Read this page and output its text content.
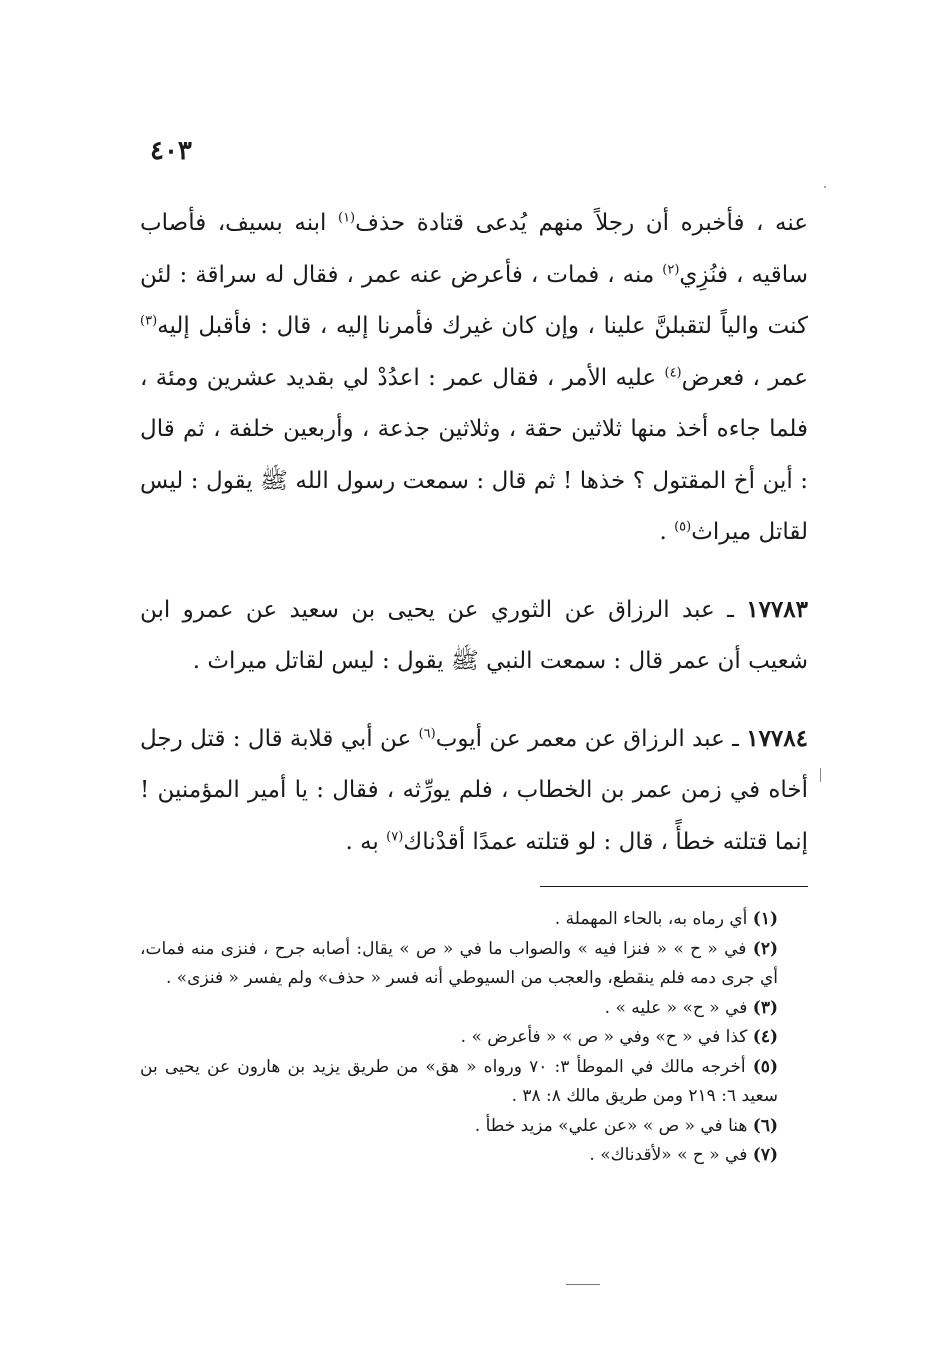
٤٠٣

عنه ، فأخبره أن رجلاً منهم يُدعى قتادة حذف$^{(١)}$ ابنه بسيف، فأصاب ساقيه ، فنُزِي$^{(٢)}$ منه ، فمات ، فأعرض عنه عمر ، فقال له سراقة : لئن كنت والياً لتقبلنَّ علينا ، وإن كان غيرك فأمرنا إليه ، قال : فأقبل إليه$^{(٣)}$ عمر ، فعرض$^{(٤)}$ عليه الأمر ، فقال عمر : اعدُدْ لي بقديد عشرين ومئة ، فلما جاءه أخذ منها ثلاثين حقة ، وثلاثين جذعة ، وأربعين خلفة ، ثم قال : أين أخ المقتول ؟ خذها ! ثم قال : سمعت رسول الله ﷺ يقول : ليس لقاتل ميراث$^{(٥)}$ .

١٧٧٨٣ ـ عبد الرزاق عن الثوري عن يحيى بن سعيد عن عمرو ابن شعيب أن عمر قال : سمعت النبي ﷺ يقول : ليس لقاتل ميراث .

١٧٧٨٤ ـ عبد الرزاق عن معمر عن أيوب$^{(٦)}$ عن أبي قلابة قال : قتل رجل أخاه في زمن عمر بن الخطاب ، فلم يورِّثه ، فقال : يا أمير المؤمنين ! إنما قتلته خطأً ، قال : لو قتلته عمدًا أقدْناك$^{(٧)}$ به .

(١) أي رماه به، بالحاء المهملة .

(٢) في « ح » « فنزا فيه » والصواب ما في « ص » يقال: أصابه جرح ، فنزى منه فمات، أي جرى دمه فلم ينقطع، والعجب من السيوطي أنه فسر « حذف» ولم يفسر « فنزى» .

(٣) في « ح» « عليه » .

(٤) كذا في « ح» وفي « ص » « فأعرض » .

(٥) أخرجه مالك في الموطأ ٣: ٧٠ ورواه « هق» من طريق يزيد بن هارون عن يحيى بن سعيد ٦: ٢١٩ ومن طريق مالك ٨: ٣٨ .

(٦) هنا في « ص » «عن علي» مزيد خطأ .

(٧) في « ح » «لأقدناك» .
